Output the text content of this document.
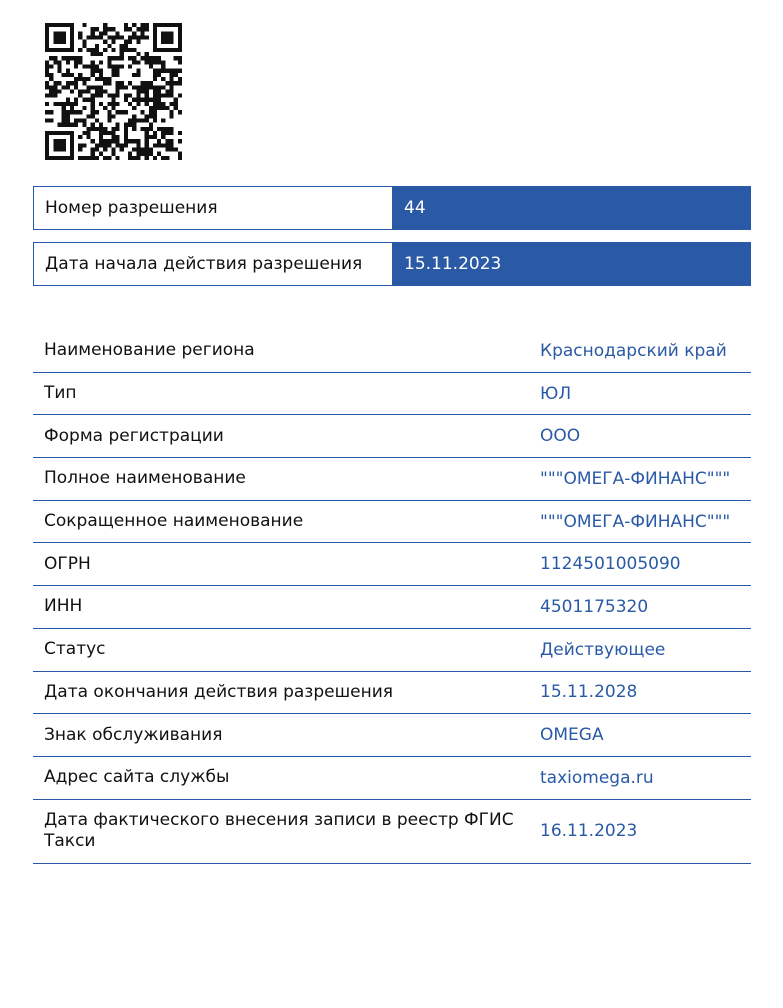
Номер разрешения	44
Дата начала действия разрешения	15.11.2023
Наименование региона	Краснодарский край
Тип	ЮЛ
Форма регистрации	ООО
Полное наименование	"""ОМЕГА-ФИНАНС"""
Сокращенное наименование	"""ОМЕГА-ФИНАНС"""
ОГРН	1124501005090
ИНН	4501175320
Статус	Действующее
Дата окончания действия разрешения	15.11.2028
Знак обслуживания	OMEGA
Адрес сайта службы	taxiomega.ru
Дата фактического внесения записи в реестр ФГИС Такси	16.11.2023
